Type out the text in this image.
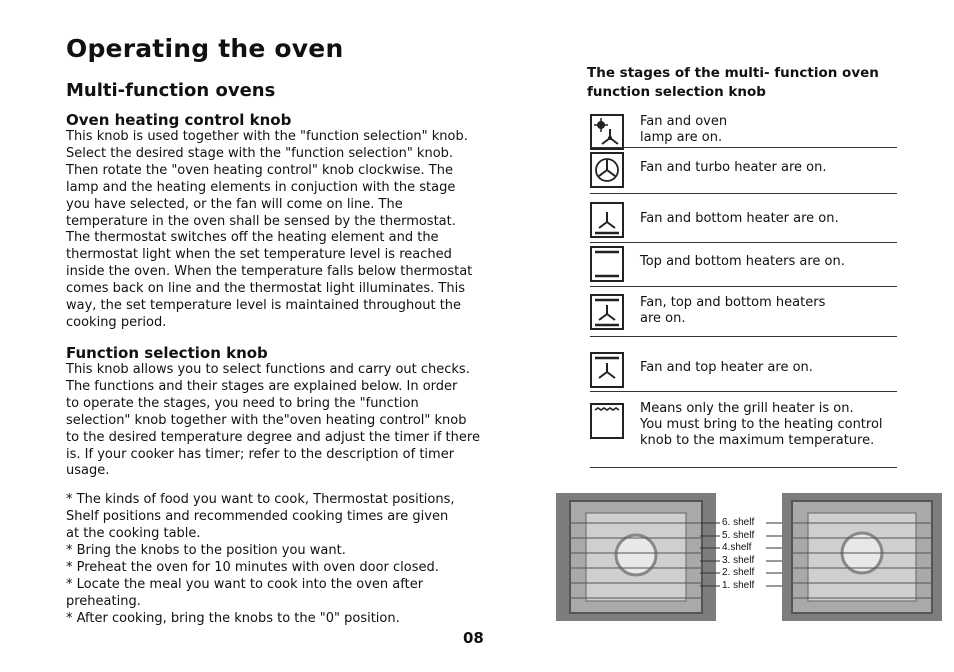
Operating the oven
Multi-function ovens

Oven heating control knob

This knob is used together with the "function selection" knob.
Select the desired stage with the "function selection" knob.
Then rotate the "oven heating control" knob clockwise. The
lamp and the heating elements in conjuction with the stage
you have selected, or the fan will come on line. The
temperature in the oven shall be sensed by the thermostat.
The thermostat switches off the heating element and the
thermostat light when the set temperature level is reached
inside the oven. When the temperature falls below thermostat
comes back on line and the thermostat light illuminates. This
way, the set temperature level is maintained throughout the
cooking period.

Function selection knob

This knob allows you to select functions and carry out checks.
The functions and their stages are explained below. In order
to operate the stages, you need to bring the "function
selection" knob together with the"oven heating control" knob
to the desired temperature degree and adjust the timer if there
is. If your cooker has timer; refer to the description of timer
usage.

* The kinds of food you want to cook, Thermostat positions,
Shelf positions and recommended cooking times are given
at the cooking table.
* Bring the knobs to the position you want.
* Preheat the oven for 10 minutes with oven door closed.
* Locate the meal you want to cook into the oven after
preheating.
* After cooking, bring the knobs to the "0" position.
08
The stages of the multi- function oven
function selection knob
Fan and oven
lamp are on.
Fan and turbo heater are on.
Fan and bottom heater are on.
Top and bottom heaters are on.
Fan, top and bottom heaters
are on.
Fan and top heater are on.
Means only the grill heater is on.
You must bring to the heating control
knob to the maximum temperature.
6. shelf
5. shelf
4.shelf
3. shelf
2. shelf
1. shelf
